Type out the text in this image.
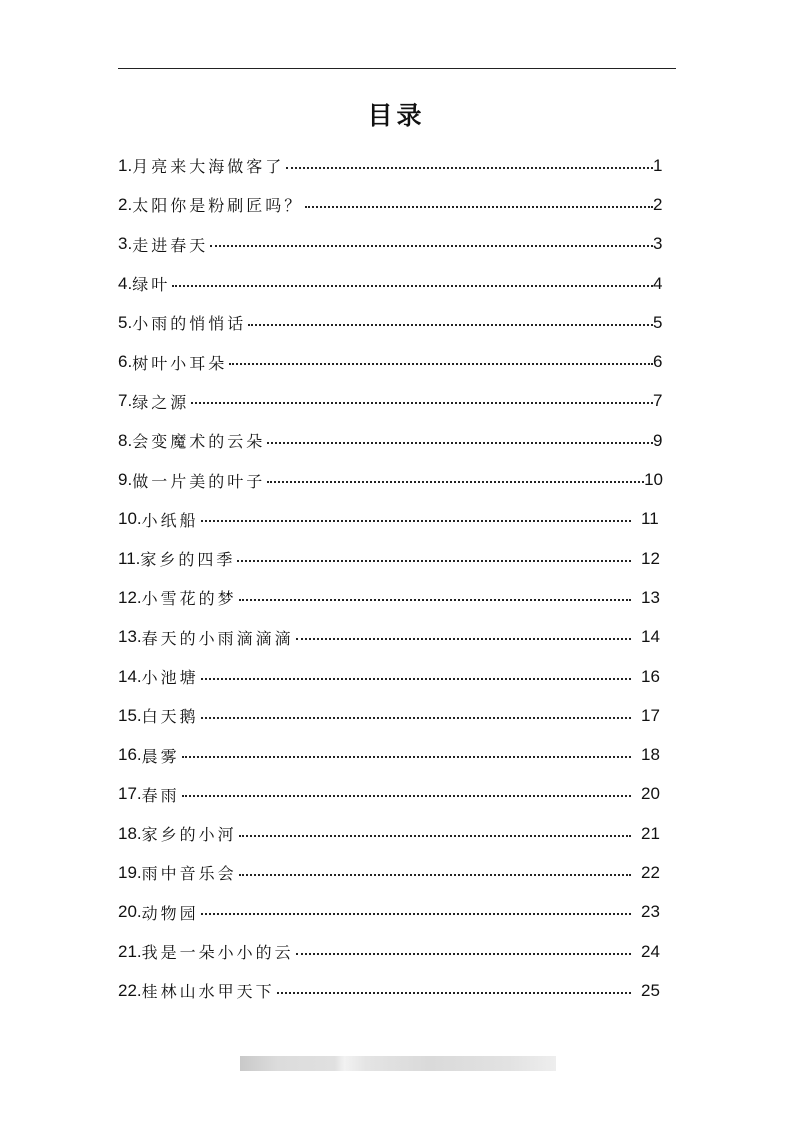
目录
1. 月亮来大海做客了	1
2. 太阳你是粉刷匠吗？	2
3. 走进春天	3
4. 绿叶	4
5. 小雨的悄悄话	5
6. 树叶小耳朵	6
7. 绿之源	7
8. 会变魔术的云朵	9
9. 做一片美的叶子	10
10. 小纸船	11
11. 家乡的四季	12
12. 小雪花的梦	13
13. 春天的小雨滴滴滴	14
14. 小池塘	16
15. 白天鹅	17
16. 晨雾	18
17. 春雨	20
18. 家乡的小河	21
19. 雨中音乐会	22
20. 动物园	23
21. 我是一朵小小的云	24
22. 桂林山水甲天下	25
